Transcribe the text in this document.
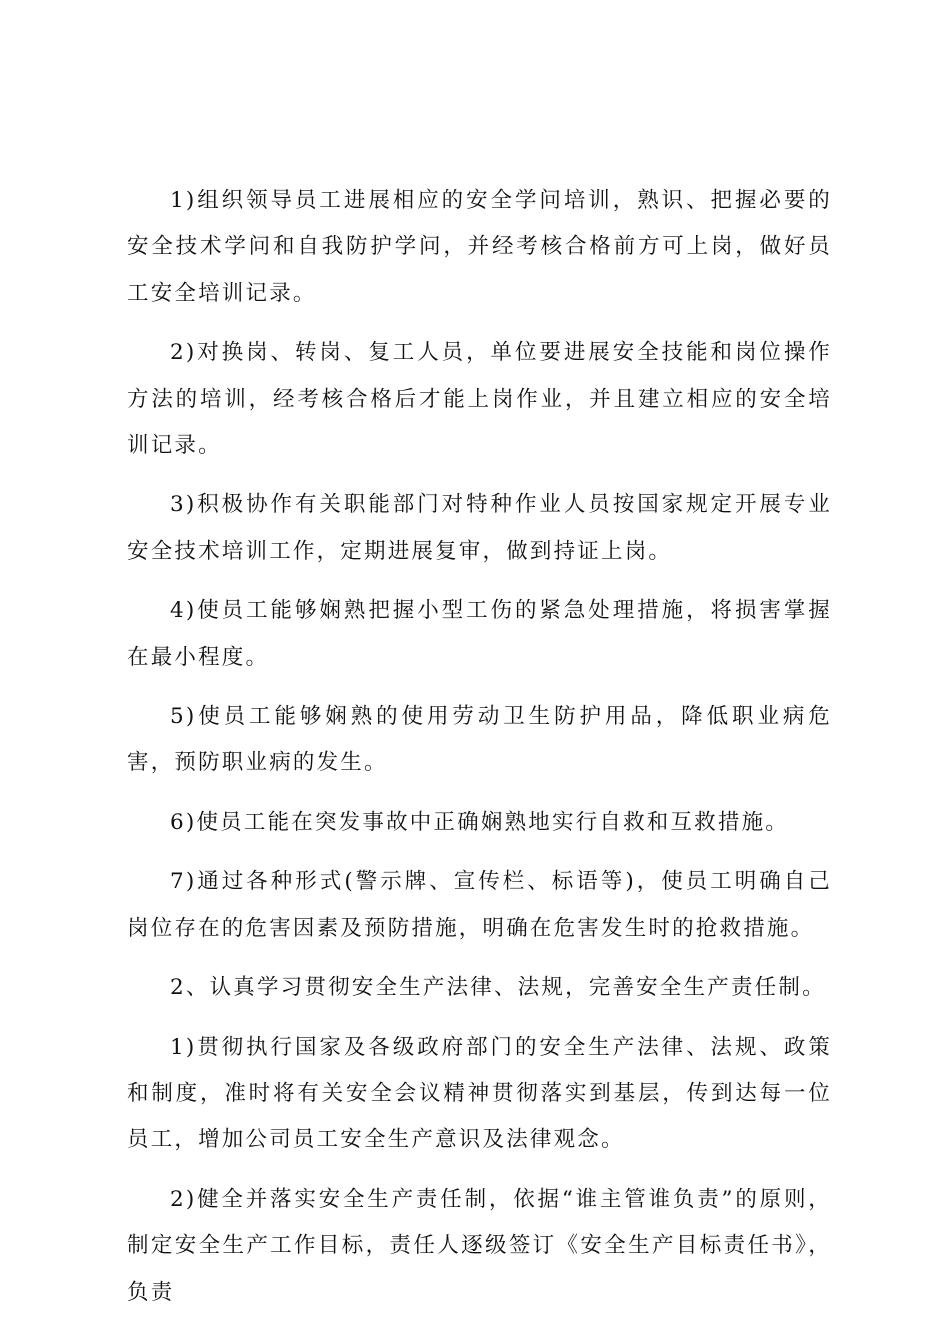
1)组织领导员工进展相应的安全学问培训，熟识、把握必要的安全技术学问和自我防护学问，并经考核合格前方可上岗，做好员工安全培训记录。

2)对换岗、转岗、复工人员，单位要进展安全技能和岗位操作方法的培训，经考核合格后才能上岗作业，并且建立相应的安全培训记录。

3)积极协作有关职能部门对特种作业人员按国家规定开展专业安全技术培训工作，定期进展复审，做到持证上岗。

4)使员工能够娴熟把握小型工伤的紧急处理措施，将损害掌握在最小程度。

5)使员工能够娴熟的使用劳动卫生防护用品，降低职业病危害，预防职业病的发生。

6)使员工能在突发事故中正确娴熟地实行自救和互救措施。

7)通过各种形式(警示牌、宣传栏、标语等)，使员工明确自己岗位存在的危害因素及预防措施，明确在危害发生时的抢救措施。

2、认真学习贯彻安全生产法律、法规，完善安全生产责任制。

1)贯彻执行国家及各级政府部门的安全生产法律、法规、政策和制度，准时将有关安全会议精神贯彻落实到基层，传到达每一位员工，增加公司员工安全生产意识及法律观念。

2)健全并落实安全生产责任制，依据“谁主管谁负责”的原则，制定安全生产工作目标，责任人逐级签订《安全生产目标责任书》，负责
